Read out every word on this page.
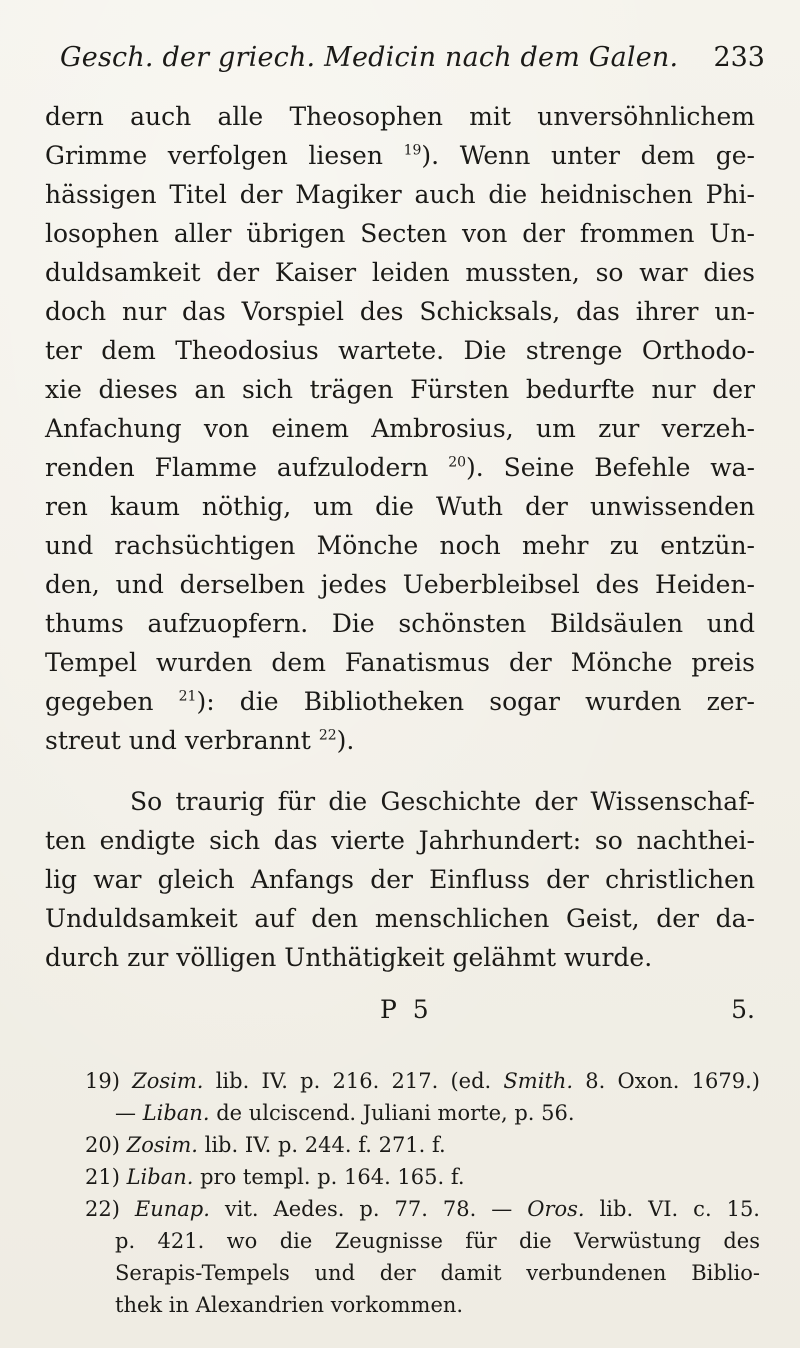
Gesch. der griech. Medicin nach dem Galen. 233
dern auch alle Theosophen mit unversöhnlichem
Grimme verfolgen liesen $^{19}$). Wenn unter dem ge-
hässigen Titel der Magiker auch die heidnischen Phi-
losophen aller übrigen Secten von der frommen Un-
duldsamkeit der Kaiser leiden mussten, so war dies
doch nur das Vorspiel des Schicksals, das ihrer un-
ter dem Theodosius wartete. Die strenge Orthodo-
xie dieses an sich trägen Fürsten bedurfte nur der
Anfachung von einem Ambrosius, um zur verzeh-
renden Flamme aufzulodern $^{20}$). Seine Befehle wa-
ren kaum nöthig, um die Wuth der unwissenden
und rachsüchtigen Mönche noch mehr zu entzün-
den, und derselben jedes Ueberbleibsel des Heiden-
thums aufzuopfern. Die schönsten Bildsäulen und
Tempel wurden dem Fanatismus der Mönche preis
gegeben $^{21}$): die Bibliotheken sogar wurden zer-
streut und verbrannt $^{22}$).
So traurig für die Geschichte der Wissenschaf-
ten endigte sich das vierte Jahrhundert: so nachthei-
lig war gleich Anfangs der Einfluss der christlichen
Unduldsamkeit auf den menschlichen Geist, der da-
durch zur völligen Unthätigkeit gelähmt wurde.
P 5	5.
19) Zosim. lib. IV. p. 216. 217. (ed. Smith. 8. Oxon. 1679.)
— Liban. de ulciscend. Juliani morte, p. 56.
20) Zosim. lib. IV. p. 244. f. 271. f.
21) Liban. pro templ. p. 164. 165. f.
22) Eunap. vit. Aedes. p. 77. 78. — Oros. lib. VI. c. 15.
p. 421. wo die Zeugnisse für die Verwüstung des
Serapis-Tempels und der damit verbundenen Biblio-
thek in Alexandrien vorkommen.
